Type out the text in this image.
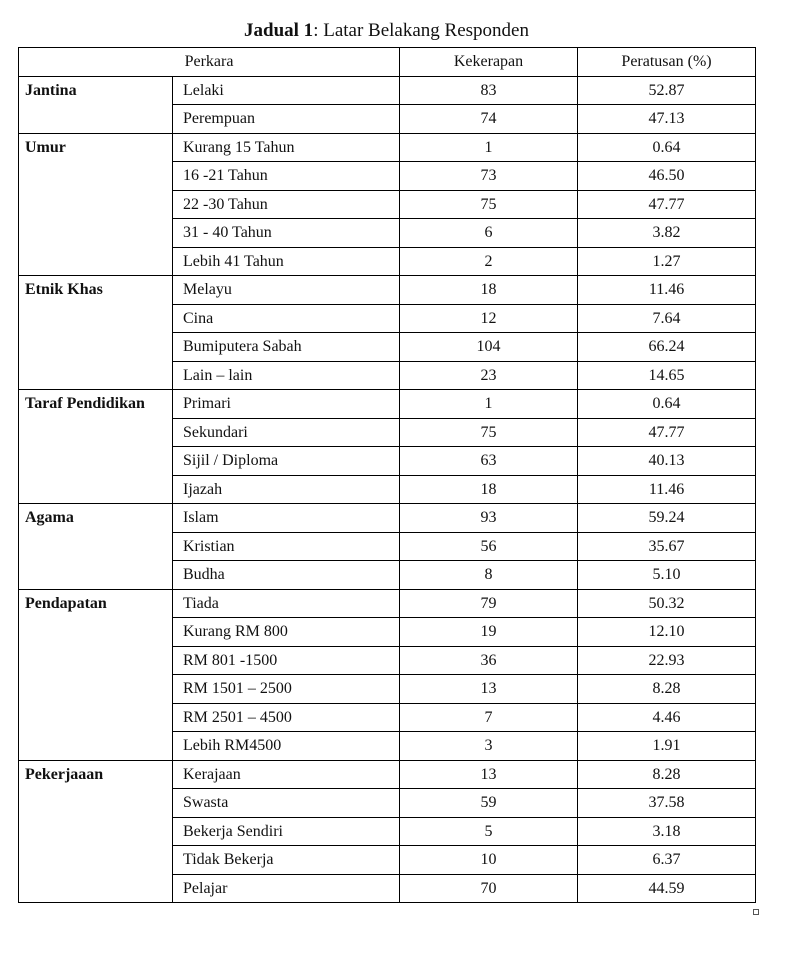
Jadual 1: Latar Belakang Responden
Perkara		Kekerapan	Peratusan (%)
Jantina	Lelaki	83	52.87
	Perempuan	74	47.13
Umur	Kurang 15 Tahun	1	0.64
	16 -21 Tahun	73	46.50
	22 -30 Tahun	75	47.77
	31 - 40 Tahun	6	3.82
	Lebih 41 Tahun	2	1.27
Etnik Khas	Melayu	18	11.46
	Cina	12	7.64
	Bumiputera Sabah	104	66.24
	Lain – lain	23	14.65
Taraf Pendidikan	Primari	1	0.64
	Sekundari	75	47.77
	Sijil / Diploma	63	40.13
	Ijazah	18	11.46
Agama	Islam	93	59.24
	Kristian	56	35.67
	Budha	8	5.10
Pendapatan	Tiada	79	50.32
	Kurang RM 800	19	12.10
	RM 801 -1500	36	22.93
	RM 1501 – 2500	13	8.28
	RM 2501 – 4500	7	4.46
	Lebih RM4500	3	1.91
Pekerjaaan	Kerajaan	13	8.28
	Swasta	59	37.58
	Bekerja Sendiri	5	3.18
	Tidak Bekerja	10	6.37
	Pelajar	70	44.59
